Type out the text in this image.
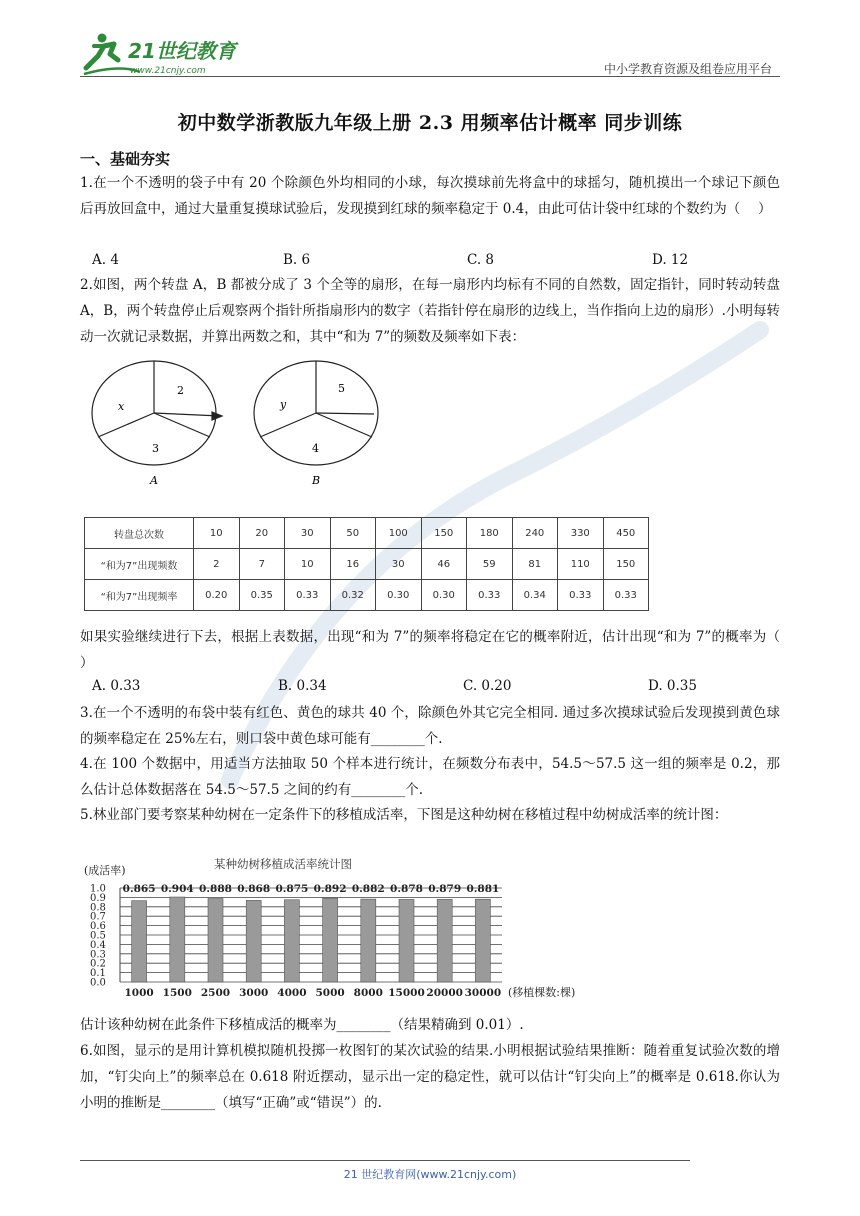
21世纪教育
www.21cnjy.com	中小学教育资源及组卷应用平台
初中数学浙教版九年级上册 2.3 用频率估计概率 同步训练
一、基础夯实
1.在一个不透明的袋子中有 20 个除颜色外均相同的小球，每次摸球前先将盒中的球摇匀，随机摸出一个球记下颜色后再放回盒中，通过大量重复摸球试验后，发现摸到红球的频率稳定于 0.4，由此可估计袋中红球的个数约为（　 ）
A. 4	B. 6	C. 8	D. 12
2.如图，两个转盘 A，B 都被分成了 3 个全等的扇形，在每一扇形内均标有不同的自然数，固定指针，同时转动转盘 A，B，两个转盘停止后观察两个指针所指扇形内的数字（若指针停在扇形的边线上，当作指向上边的扇形）.小明每转动一次就记录数据，并算出两数之和，其中“和为 7”的频数及频率如下表：
2
x
3
A
5
y
4
B
转盘总次数	10	20	30	50	100	150	180	240	330	450
“和为7”出现频数	2	7	10	16	30	46	59	81	110	150
“和为7”出现频率	0.20	0.35	0.33	0.32	0.30	0.30	0.33	0.34	0.33	0.33
如果实验继续进行下去，根据上表数据，出现“和为 7”的频率将稳定在它的概率附近，估计出现“和为 7”的概率为（　 ）
A. 0.33	B. 0.34	C. 0.20	D. 0.35
3.在一个不透明的布袋中装有红色、黄色的球共 40 个，除颜色外其它完全相同. 通过多次摸球试验后发现摸到黄色球的频率稳定在 25%左右，则口袋中黄色球可能有________个.
4.在 100 个数据中，用适当方法抽取 50 个样本进行统计，在频数分布表中，54.5～57.5 这一组的频率是 0.2，那么估计总体数据落在 54.5～57.5 之间的约有________个.
5.林业部门要考察某种幼树在一定条件下的移植成活率，下图是这种幼树在移植过程中幼树成活率的统计图：
某种幼树移植成活率统计图
(成活率)
(移植棵数:棵)
0.0
0.1
0.2
0.3
0.4
0.5
0.6
0.7
0.8
0.9
1.0 0.865 0.904 0.888 0.868 0.875 0.892 0.882 0.878 0.879 0.881
1000 1500 2500 3000 4000 5000 8000 15000 20000 30000
估计该种幼树在此条件下移植成活的概率为________（结果精确到 0.01）.
6.如图，显示的是用计算机模拟随机投掷一枚图钉的某次试验的结果.小明根据试验结果推断：随着重复试验次数的增加，“钉尖向上”的频率总在 0.618 附近摆动，显示出一定的稳定性，就可以估计“钉尖向上”的概率是 0.618.你认为小明的推断是________（填写“正确”或“错误”）的.
21 世纪教育网(www.21cnjy.com)
